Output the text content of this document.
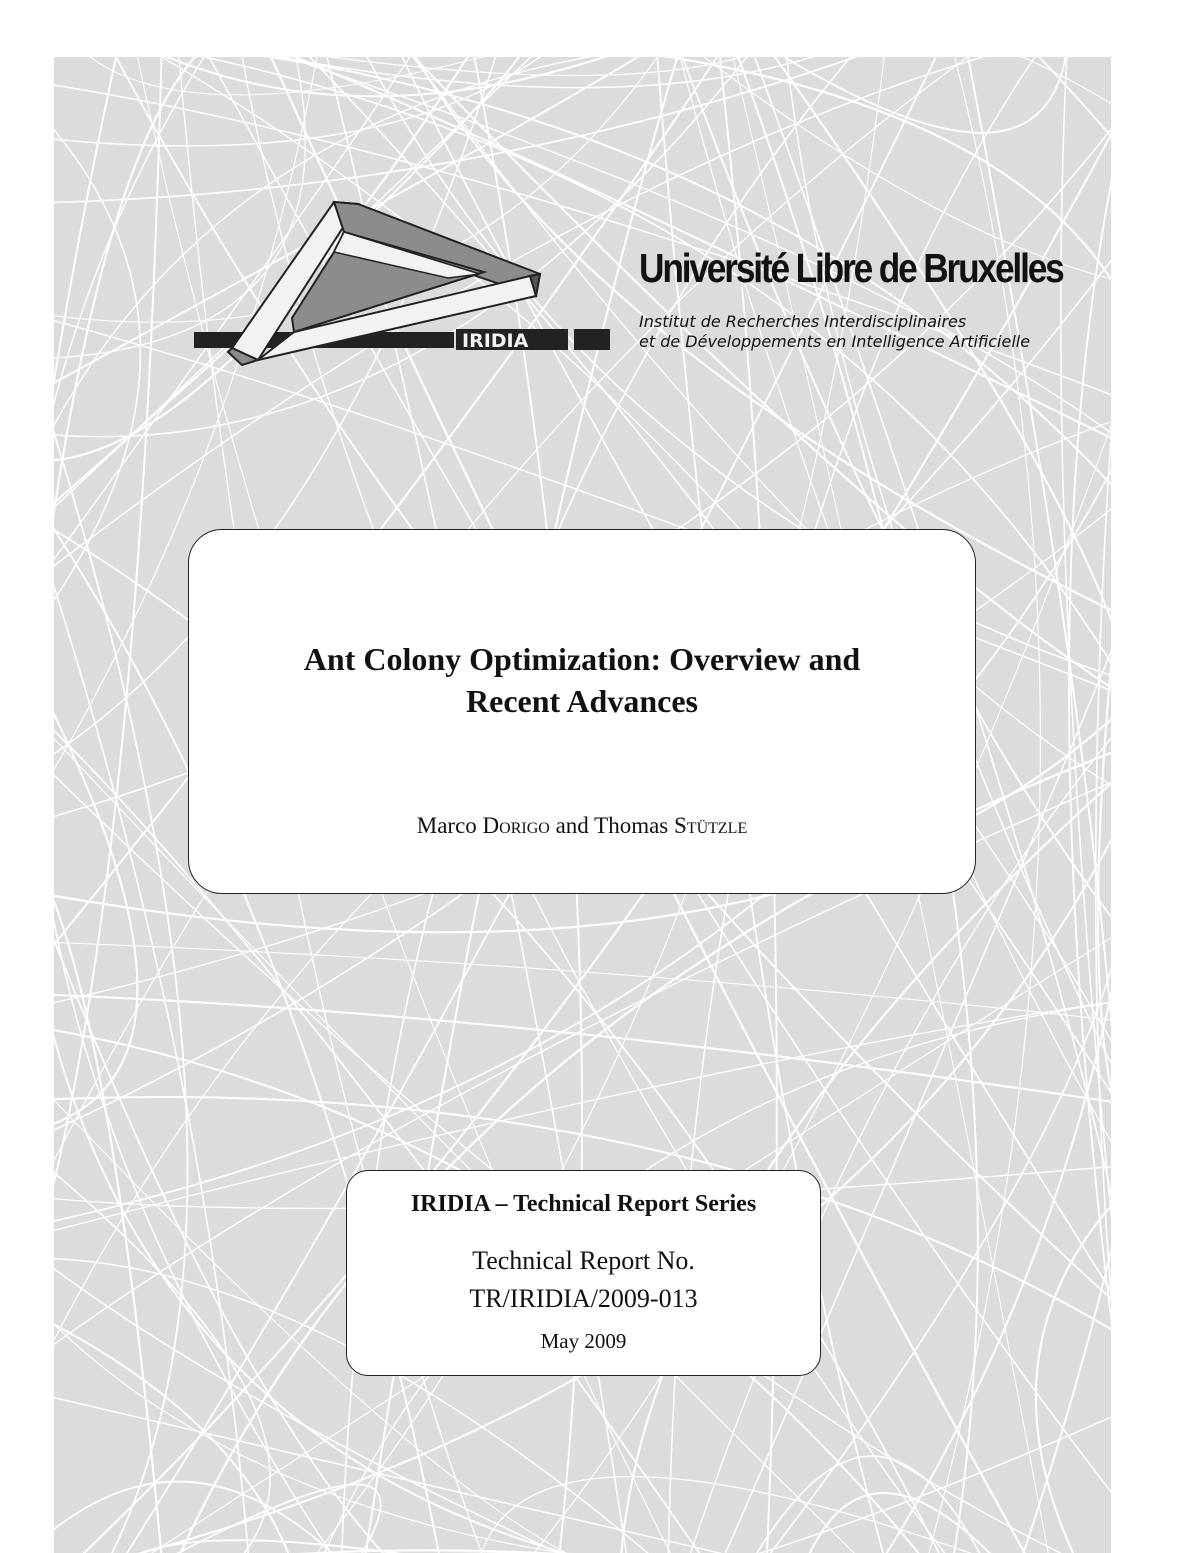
IRIDIA
Université Libre de Bruxelles

Institut de Recherches Interdisciplinaires

et de Développements en Intelligence Artificielle

Ant Colony Optimization: Overview and
Recent Advances

Marco Dorigo and Thomas Stützle

IRIDIA – Technical Report Series

Technical Report No.

TR/IRIDIA/2009-013

May 2009
